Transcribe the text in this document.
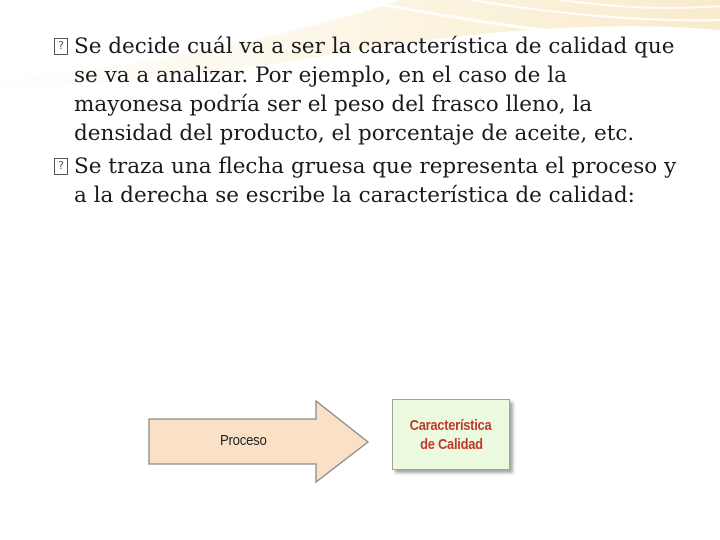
? Se decide cuál va a ser la característica de calidad que
se va a analizar. Por ejemplo, en el caso de la
mayonesa podría ser el peso del frasco lleno, la
densidad del producto, el porcentaje de aceite, etc.
? Se traza una flecha gruesa que representa el proceso y
a la derecha se escribe la característica de calidad:
Proceso
Característica
de Calidad
